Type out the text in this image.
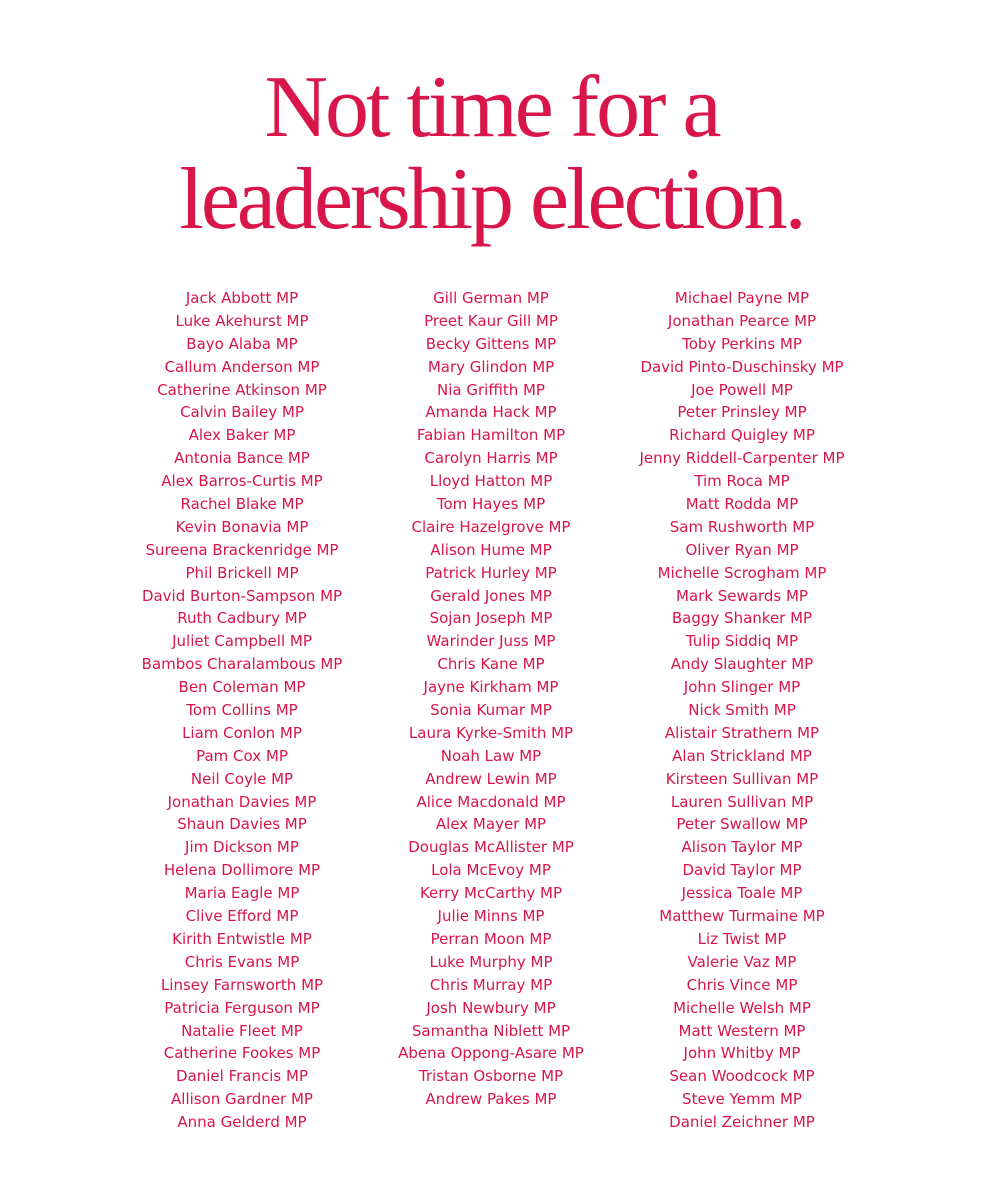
Not time for a
leadership election.
Jack Abbott MP
Luke Akehurst MP
Bayo Alaba MP
Callum Anderson MP
Catherine Atkinson MP
Calvin Bailey MP
Alex Baker MP
Antonia Bance MP
Alex Barros-Curtis MP
Rachel Blake MP
Kevin Bonavia MP
Sureena Brackenridge MP
Phil Brickell MP
David Burton-Sampson MP
Ruth Cadbury MP
Juliet Campbell MP
Bambos Charalambous MP
Ben Coleman MP
Tom Collins MP
Liam Conlon MP
Pam Cox MP
Neil Coyle MP
Jonathan Davies MP
Shaun Davies MP
Jim Dickson MP
Helena Dollimore MP
Maria Eagle MP
Clive Efford MP
Kirith Entwistle MP
Chris Evans MP
Linsey Farnsworth MP
Patricia Ferguson MP
Natalie Fleet MP
Catherine Fookes MP
Daniel Francis MP
Allison Gardner MP
Anna Gelderd MP
Gill German MP
Preet Kaur Gill MP
Becky Gittens MP
Mary Glindon MP
Nia Griffith MP
Amanda Hack MP
Fabian Hamilton MP
Carolyn Harris MP
Lloyd Hatton MP
Tom Hayes MP
Claire Hazelgrove MP
Alison Hume MP
Patrick Hurley MP
Gerald Jones MP
Sojan Joseph MP
Warinder Juss MP
Chris Kane MP
Jayne Kirkham MP
Sonia Kumar MP
Laura Kyrke-Smith MP
Noah Law MP
Andrew Lewin MP
Alice Macdonald MP
Alex Mayer MP
Douglas McAllister MP
Lola McEvoy MP
Kerry McCarthy MP
Julie Minns MP
Perran Moon MP
Luke Murphy MP
Chris Murray MP
Josh Newbury MP
Samantha Niblett MP
Abena Oppong-Asare MP
Tristan Osborne MP
Andrew Pakes MP
Michael Payne MP
Jonathan Pearce MP
Toby Perkins MP
David Pinto-Duschinsky MP
Joe Powell MP
Peter Prinsley MP
Richard Quigley MP
Jenny Riddell-Carpenter MP
Tim Roca MP
Matt Rodda MP
Sam Rushworth MP
Oliver Ryan MP
Michelle Scrogham MP
Mark Sewards MP
Baggy Shanker MP
Tulip Siddiq MP
Andy Slaughter MP
John Slinger MP
Nick Smith MP
Alistair Strathern MP
Alan Strickland MP
Kirsteen Sullivan MP
Lauren Sullivan MP
Peter Swallow MP
Alison Taylor MP
David Taylor MP
Jessica Toale MP
Matthew Turmaine MP
Liz Twist MP
Valerie Vaz MP
Chris Vince MP
Michelle Welsh MP
Matt Western MP
John Whitby MP
Sean Woodcock MP
Steve Yemm MP
Daniel Zeichner MP
